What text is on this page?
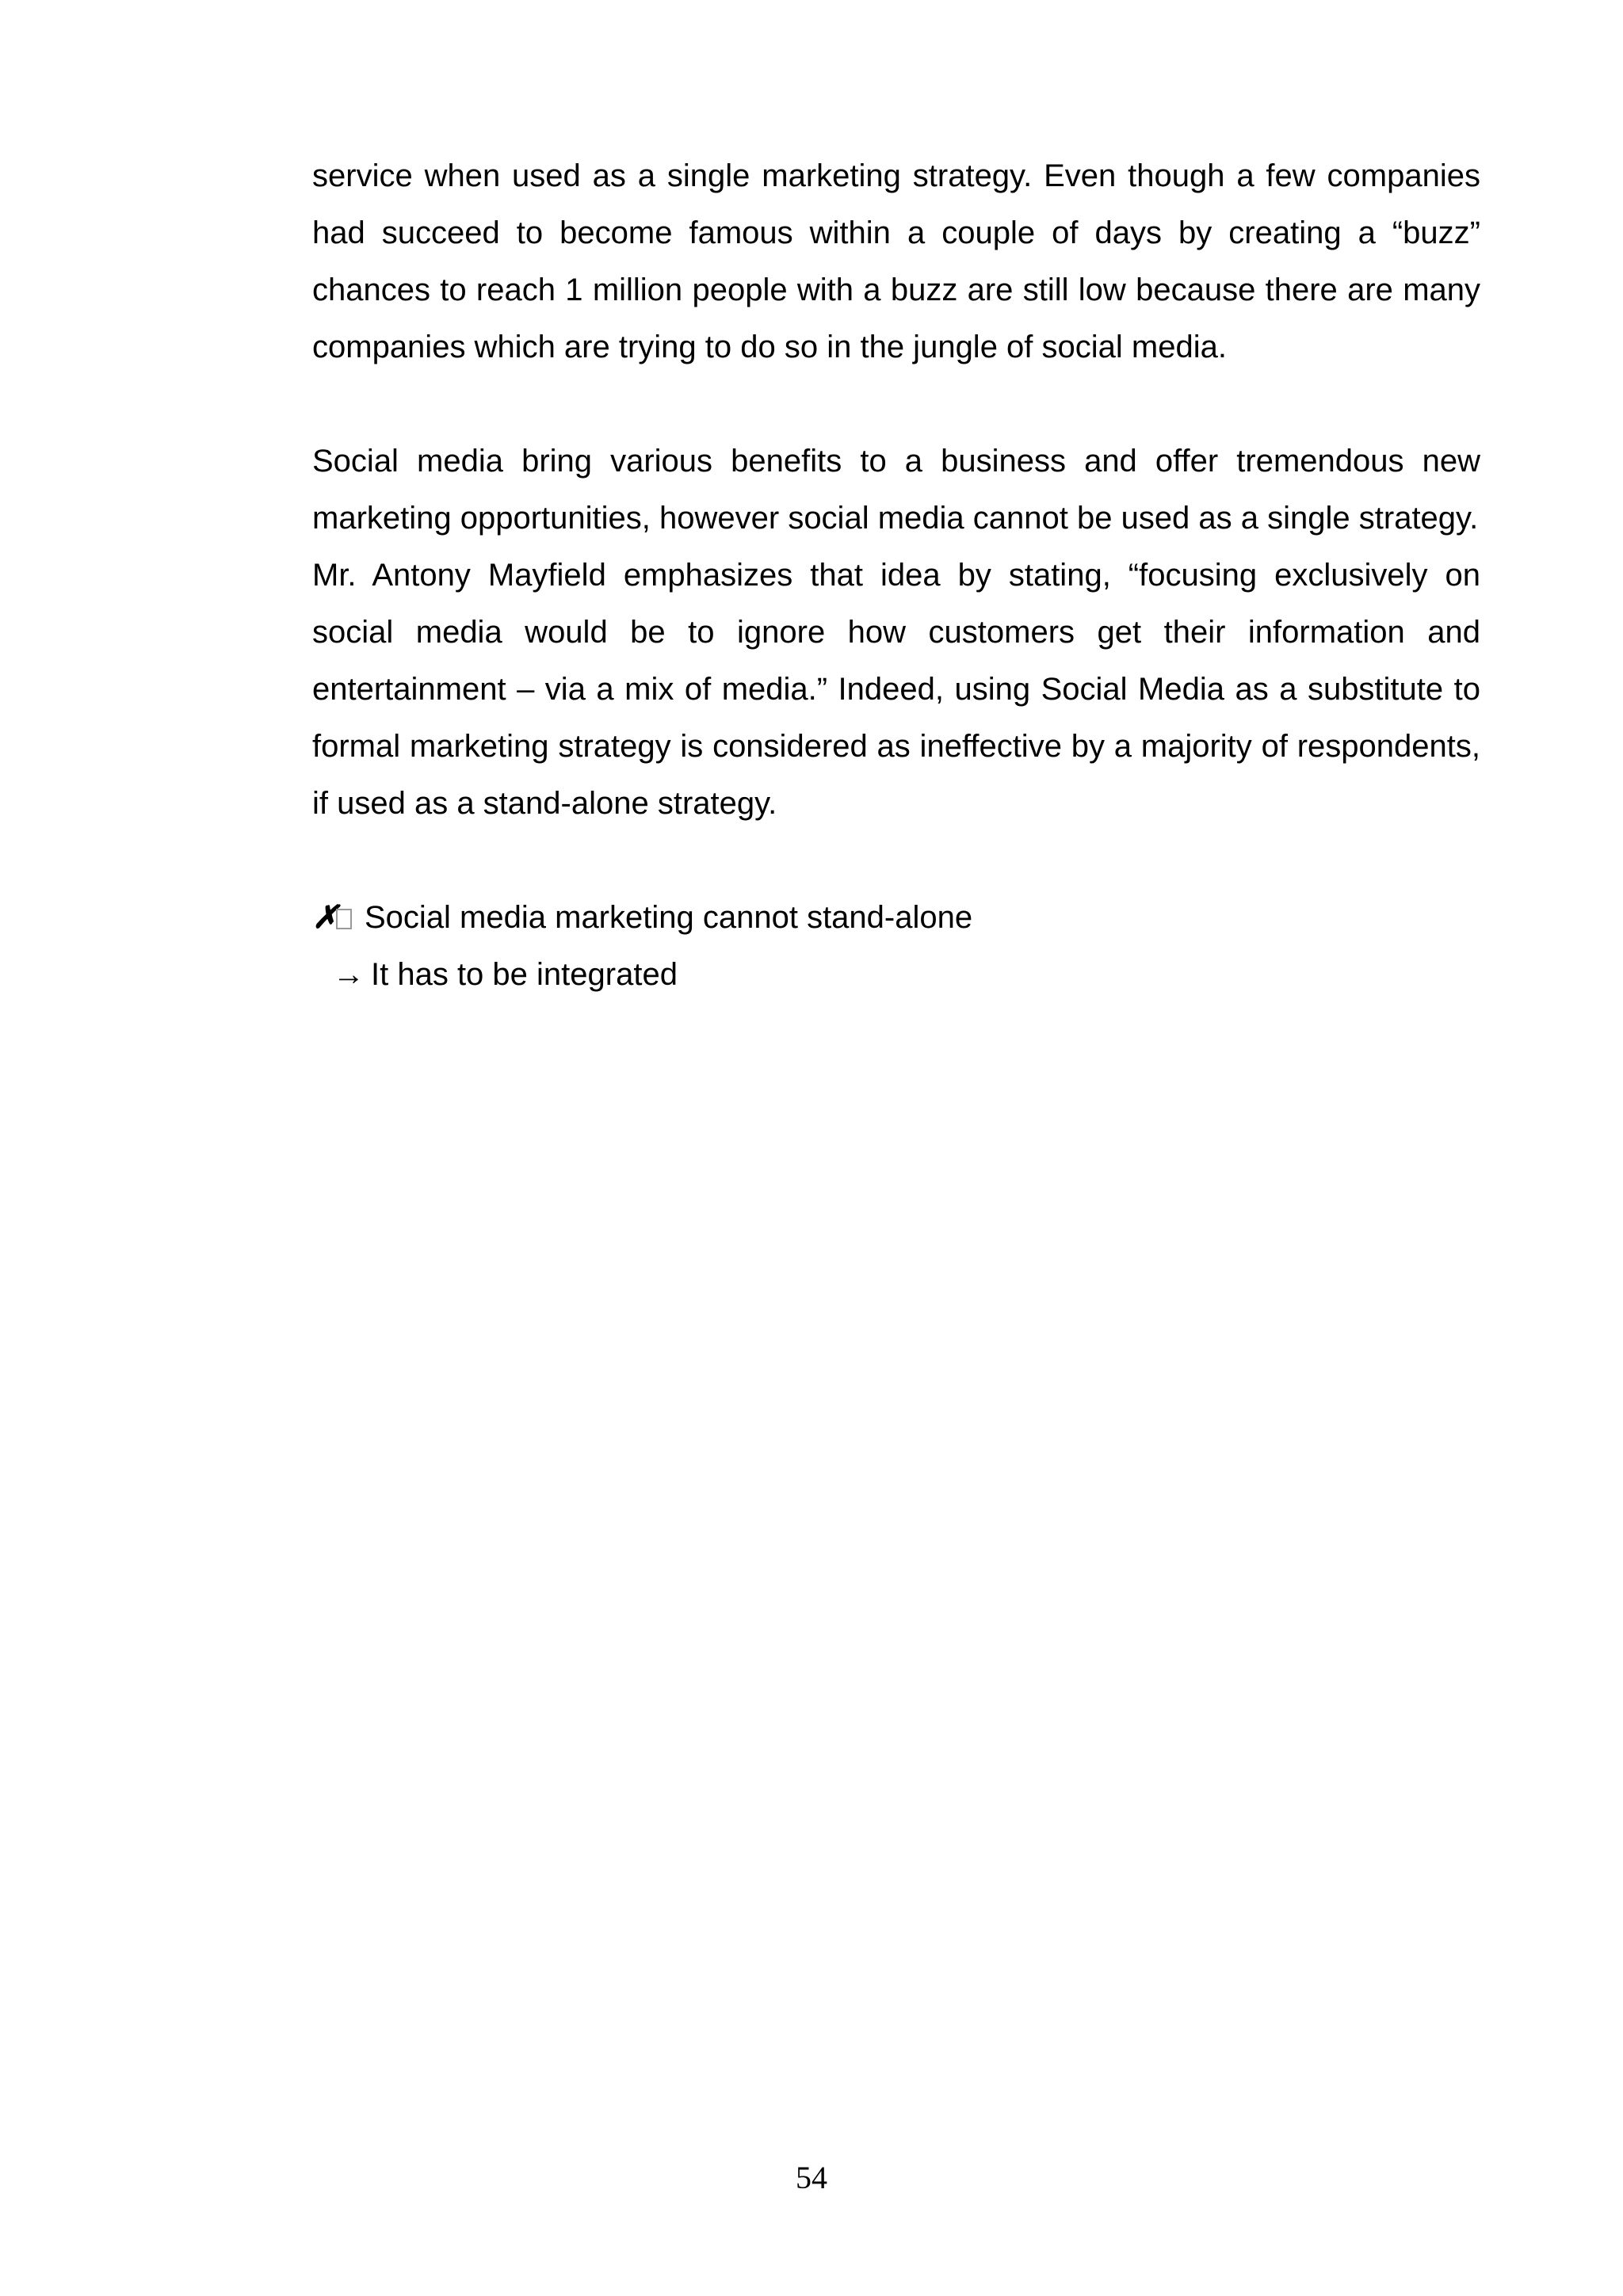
service when used as a single marketing strategy. Even though a few companies had succeed to become famous within a couple of days by creating a “buzz” chances to reach 1 million people with a buzz are still low because there are many companies which are trying to do so in the jungle of social media.

Social media bring various benefits to a business and offer tremendous new marketing opportunities, however social media cannot be used as a single strategy.

Mr. Antony Mayfield emphasizes that idea by stating, “focusing exclusively on social media would be to ignore how customers get their information and entertainment – via a mix of media.” Indeed, using Social Media as a substitute to formal marketing strategy is considered as ineffective by a majority of respondents, if used as a stand-alone strategy.

✗ Social media marketing cannot stand-alone

→ It has to be integrated

54
